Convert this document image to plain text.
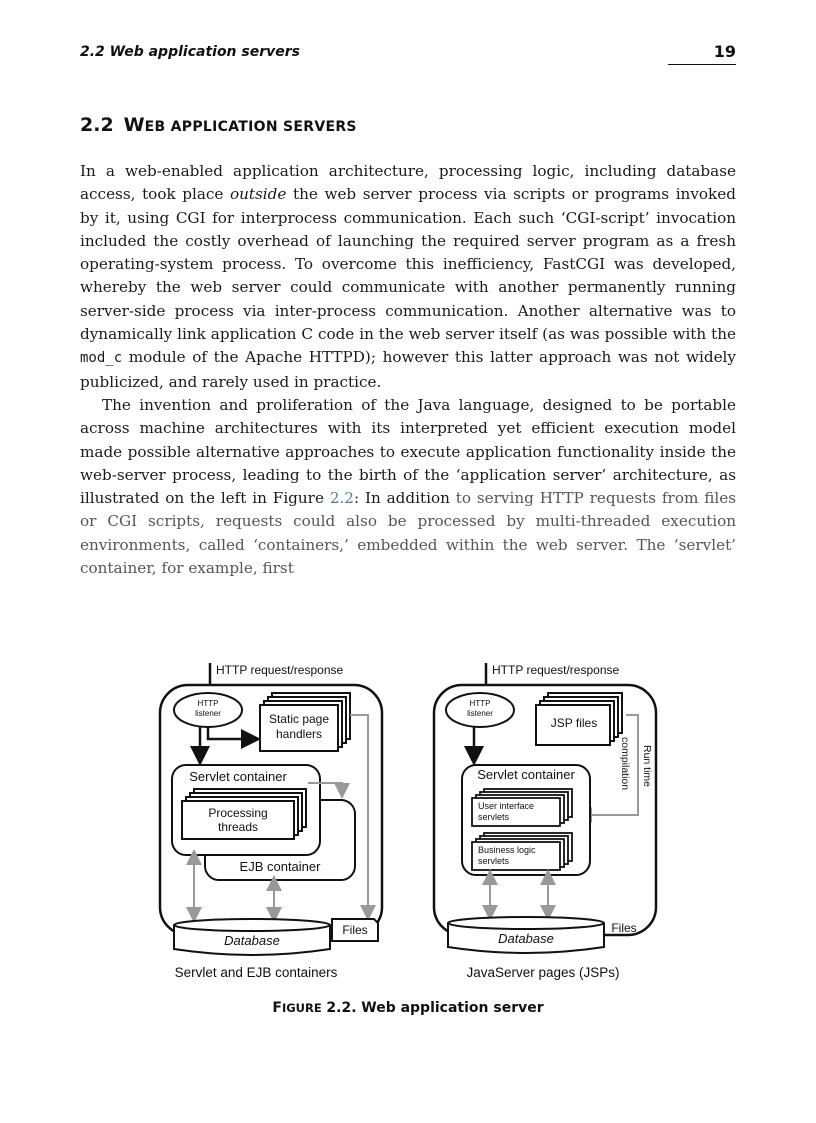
2.2 Web application servers	19
2.2 WEB APPLICATION SERVERS

In a web-enabled application architecture, processing logic, including database access, took place outside the web server process via scripts or programs invoked by it, using CGI for interprocess communication. Each such ‘CGI-script’ invocation included the costly overhead of launching the required server program as a fresh operating-system process. To overcome this inefficiency, FastCGI was developed, whereby the web server could communicate with another permanently running server-side process via inter-process communication. Another alternative was to dynamically link application C code in the web server itself (as was possible with the mod_c module of the Apache HTTPD); however this latter approach was not widely publicized, and rarely used in practice.

The invention and proliferation of the Java language, designed to be portable across machine architectures with its interpreted yet efficient execution model made possible alternative approaches to execute application functionality inside the web-server process, leading to the birth of the ‘application server’ architecture, as illustrated on the left in Figure 2.2: In addition to serving HTTP requests from files or CGI scripts, requests could also be processed by multi-threaded execution environments, called ‘containers,’ embedded within the web server. The ‘servlet’ container, for example, first

HTTP request/response
HTTP
listener	Static page
handlers
EJB container
Servlet container
Processing
threads
Database
Files
Servlet and EJB containers
HTTP request/response
HTTP
listener
JSP files
Run time
compilation
Servlet container
User interface
servlets
Business logic
servlets
Database
Files
JavaServer pages (JSPs)
FIGURE 2.2. Web application server
